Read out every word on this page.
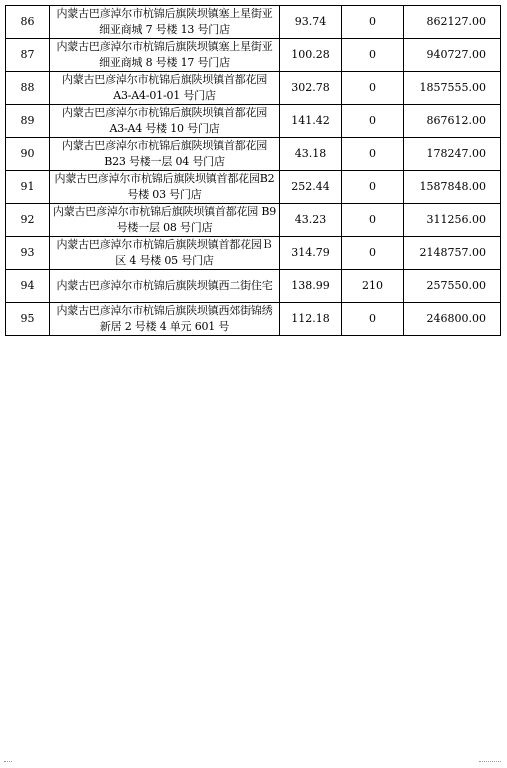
86	内蒙古巴彦淖尔市杭锦后旗陕坝镇塞上星街亚细亚商城 7 号楼 13 号门店	93.74	0	862127.00
87	内蒙古巴彦淖尔市杭锦后旗陕坝镇塞上星街亚细亚商城 8 号楼 17 号门店	100.28	0	940727.00
88	内蒙古巴彦淖尔市杭锦后旗陕坝镇首都花园 A3-A4-01-01 号门店	302.78	0	1857555.00
89	内蒙古巴彦淖尔市杭锦后旗陕坝镇首都花园 A3-A4 号楼 10 号门店	141.42	0	867612.00
90	内蒙古巴彦淖尔市杭锦后旗陕坝镇首都花园B23 号楼一层 04 号门店	43.18	0	178247.00
91	内蒙古巴彦淖尔市杭锦后旗陕坝镇首都花园B2 号楼 03 号门店	252.44	0	1587848.00
92	内蒙古巴彦淖尔市杭锦后旗陕坝镇首都花园 B9 号楼一层 08 号门店	43.23	0	311256.00
93	内蒙古巴彦淖尔市杭锦后旗陕坝镇首都花园Ｂ区 4 号楼 05 号门店	314.79	0	2148757.00
94	内蒙古巴彦淖尔市杭锦后旗陕坝镇西二街住宅	138.99	210	257550.00
95	内蒙古巴彦淖尔市杭锦后旗陕坝镇西郊街锦绣新居 2 号楼 4 单元 601 号	112.18	0	246800.00
